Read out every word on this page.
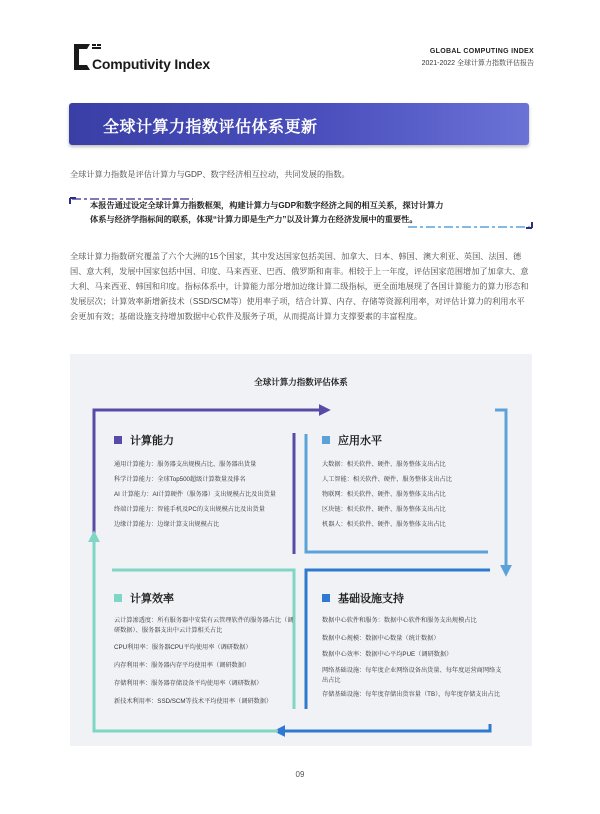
Computivity Index
GLOBAL COMPUTING INDEX
2021-2022 全球计算力指数评估报告
全球计算力指数评估体系更新
全球计算力指数是评估计算力与GDP、数字经济相互拉动，共同发展的指数。
本报告通过设定全球计算力指数框架，构建计算力与GDP和数字经济之间的相互关系，探讨计算力
体系与经济学指标间的联系，体现“计算力即是生产力”以及计算力在经济发展中的重要性。
全球计算力指数研究覆盖了六个大洲的15个国家，其中发达国家包括美国、加拿大、日本、韩国、澳大利亚、英国、法国、德国、意大利，发展中国家包括中国、印度、马来西亚、巴西、俄罗斯和南非。相较于上一年度，评估国家范围增加了加拿大、意大利、马来西亚、韩国和印度。指标体系中，计算能力部分增加边缘计算二级指标，更全面地展现了各国计算能力的算力形态和发展层次；计算效率新增新技术（SSD/SCM等）使用率子项，结合计算、内存、存储等资源利用率，对评估计算力的利用水平会更加有效；基础设施支持增加数据中心软件及服务子项，从而提高计算力支撑要素的丰富程度。
全球计算力指数评估体系
计算能力
通用计算能力：服务器支出规模占比、服务器出货量
科学计算能力：全球Top500超级计算数量及排名
AI 计算能力：AI计算硬件（服务器）支出规模占比及出货量
终端计算能力：智能手机及PC的支出规模占比及出货量
边缘计算能力：边缘计算支出规模占比
应用水平
大数据：相关软件、硬件、服务整体支出占比
人工智能：相关软件、硬件、服务整体支出占比
物联网：相关软件、硬件、服务整体支出占比
区块链：相关软件、硬件、服务整体支出占比
机器人：相关软件、硬件、服务整体支出占比
计算效率
云计算渗透度：所有服务器中安装有云管理软件的服务器占比（调研数据）、服务器支出中云计算相关占比
CPU利用率：服务器CPU平均使用率（调研数据）
内存利用率：服务器内存平均使用率（调研数据）
存储利用率：服务器存储设备平均使用率（调研数据）
新技术利用率：SSD/SCM等技术平均使用率（调研数据）
基础设施支持
数据中心软件和服务：数据中心软件和服务支出规模占比
数据中心规模：数据中心数量（统计数据）
数据中心效率：数据中心平均PUE（调研数据）
网络基础设施：每年度企业网络设备出货量、每年度运营商网络支出占比
存储基础设施：每年度存储出货容量（TB），每年度存储支出占比
09
